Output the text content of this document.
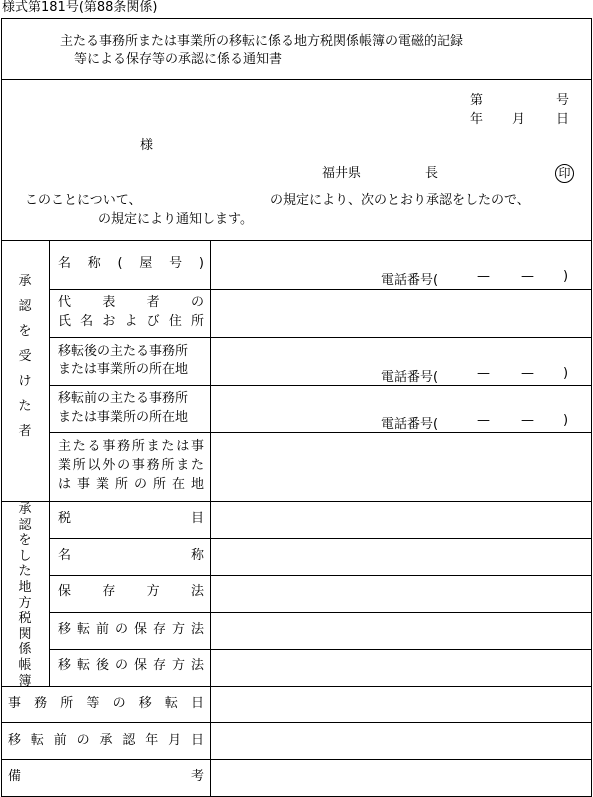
様式第181号(第88条関係)
主たる事務所または事業所の移転に係る地方税関係帳簿の電磁的記録
等による保存等の承認に係る通知書
第	号
年 月 日
様
福井県	長	印
このことについて、	の規定により、次のとおり承認をしたので、
の規定により通知します。
承
認
を
受
け
た
者
名 称 ( 屋 号 )
電話番号(	— — )
代表者の
氏名および住所
移転後の主たる事務所
または事業所の所在地
電話番号(	— — )
移転前の主たる事務所
または事業所の所在地	電話番号(	— — )
主たる事務所または事
業所以外の事務所また
は事業所の所在地
承
認
を
し
た
地
方
税
関
係
帳
簿
税目
名称
保存方法
移転前の保存方法
移転後の保存方法
事務所等の移転日
移転前の承認年月日
備考
